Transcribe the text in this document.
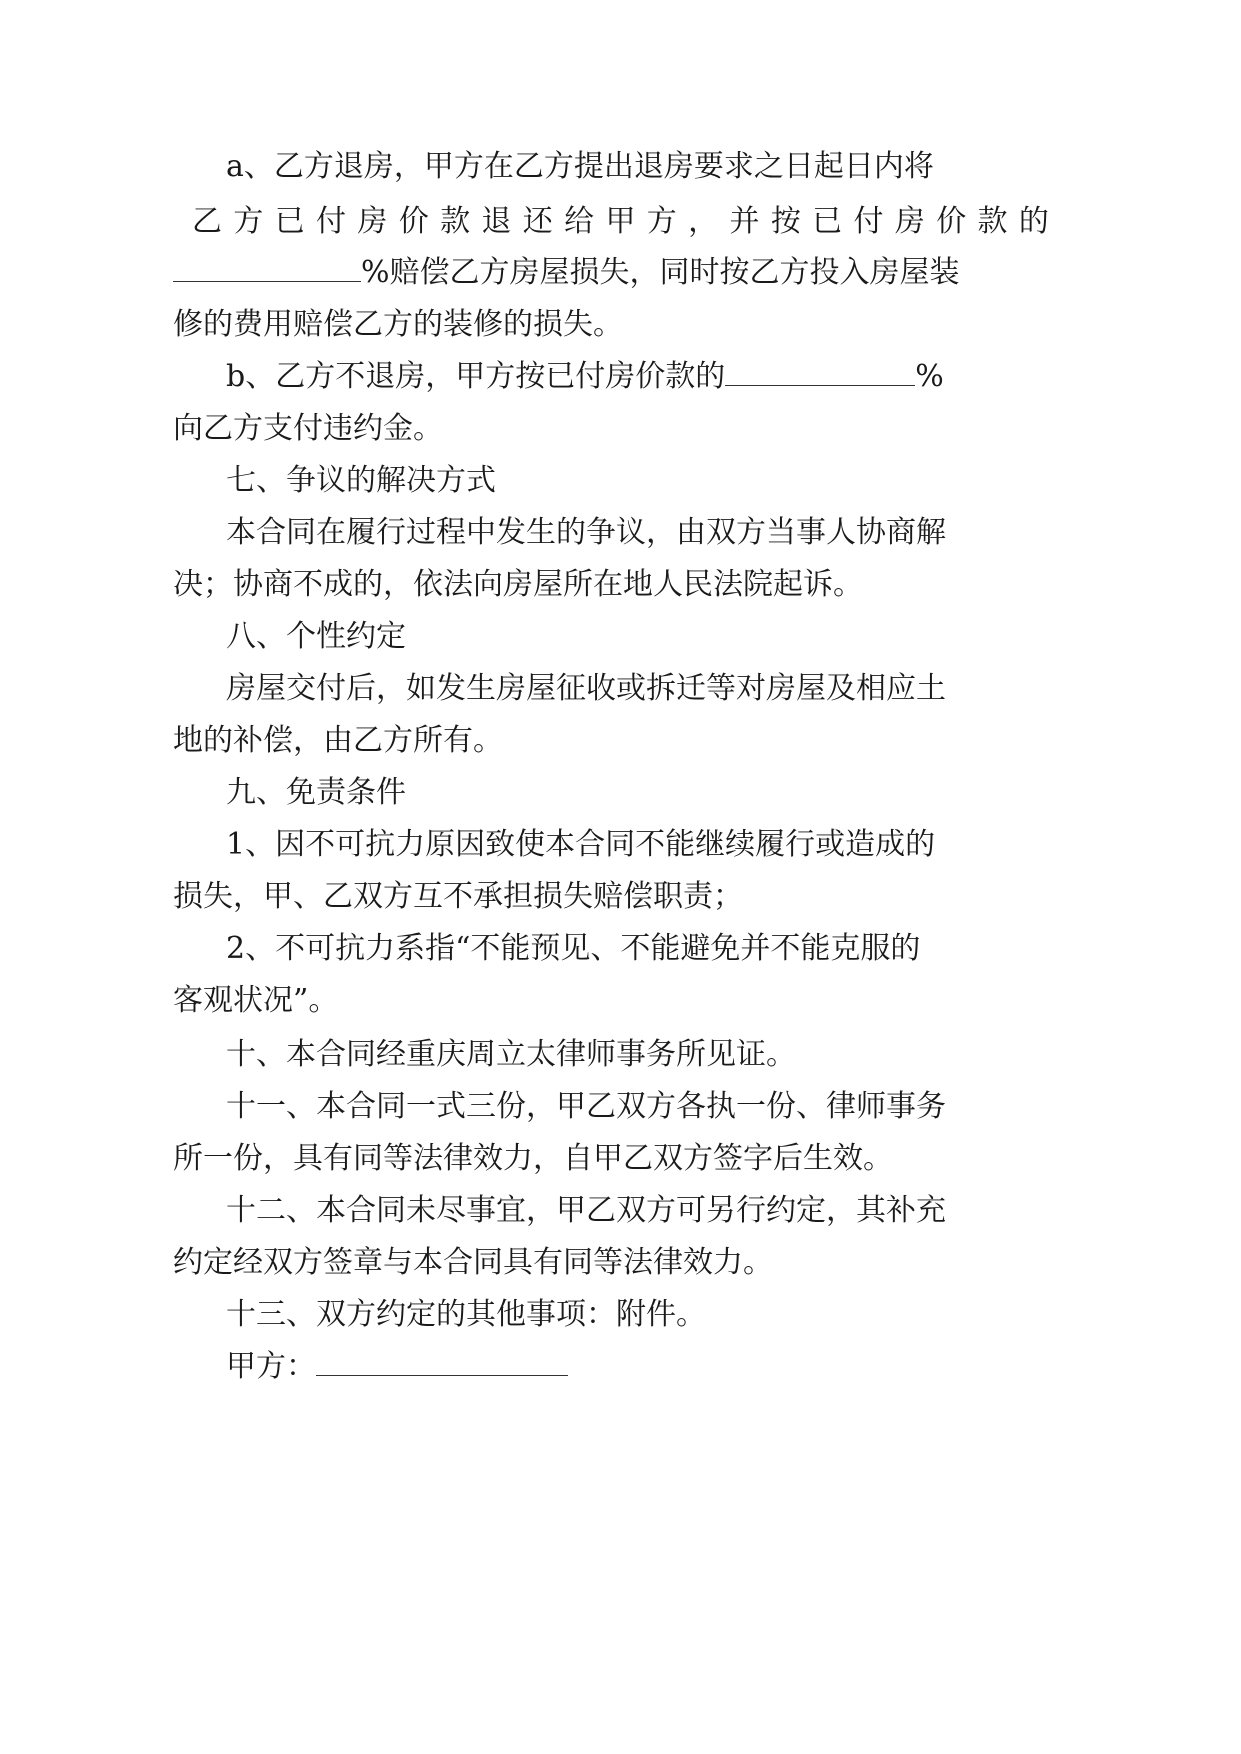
a、乙方退房，甲方在乙方提出退房要求之日起日内将
乙 方 已 付 房 价 款 退 还 给 甲 方 ， 并 按 已 付 房 价 款 的
%赔偿乙方房屋损失，同时按乙方投入房屋装
修的费用赔偿乙方的装修的损失。
b、乙方不退房，甲方按已付房价款的	%
向乙方支付违约金。
七、争议的解决方式
本合同在履行过程中发生的争议，由双方当事人协商解
决；协商不成的，依法向房屋所在地人民法院起诉。
八、个性约定
房屋交付后，如发生房屋征收或拆迁等对房屋及相应土
地的补偿，由乙方所有。
九、免责条件
1、因不可抗力原因致使本合同不能继续履行或造成的
损失，甲、乙双方互不承担损失赔偿职责；
2、不可抗力系指“不能预见、不能避免并不能克服的
客观状况”。
十、本合同经重庆周立太律师事务所见证。
十一、本合同一式三份，甲乙双方各执一份、律师事务
所一份，具有同等法律效力，自甲乙双方签字后生效。
十二、本合同未尽事宜，甲乙双方可另行约定，其补充
约定经双方签章与本合同具有同等法律效力。
十三、双方约定的其他事项：附件。
甲方：
